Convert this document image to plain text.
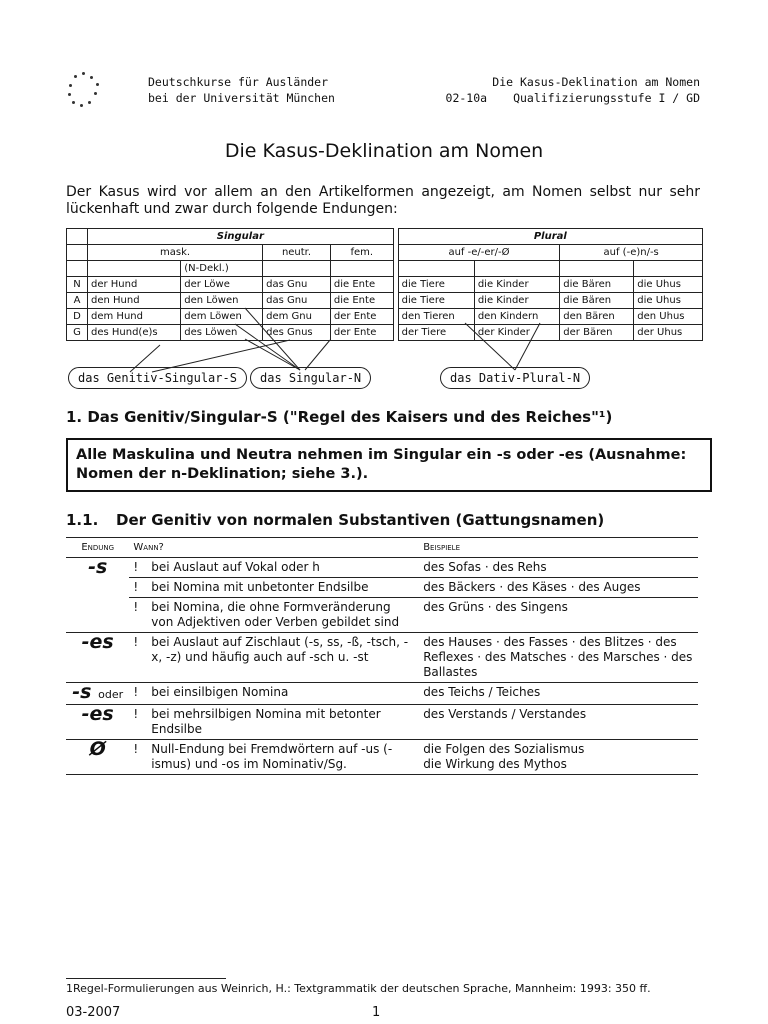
Deutschkurse für Ausländer
bei der Universität München
Die Kasus-Deklination am Nomen
02-10a Qualifizierungsstufe I / GD
Die Kasus-Deklination am Nomen
Der Kasus wird vor allem an den Artikelformen angezeigt, am Nomen selbst nur sehr lückenhaft und zwar durch folgende Endungen:
	Singular					Plural			
	mask.		neutr.	fem.		auf -e/-er/-Ø		auf (-e)n/-s	
		(N-Dekl.)							
N	der Hund	der Löwe	das Gnu	die Ente		die Tiere	die Kinder	die Bären	die Uhus
A	den Hund	den Löwen	das Gnu	die Ente		die Tiere	die Kinder	die Bären	die Uhus
D	dem Hund	dem Löwen	dem Gnu	der Ente		den Tieren	den Kindern	den Bären	den Uhus
G	des Hund(e)s	des Löwen	des Gnus	der Ente		der Tiere	der Kinder	der Bären	der Uhus
das Genitiv-Singular-S	das Singular-N	das Dativ-Plural-N
1. Das Genitiv/Singular-S ("Regel des Kaisers und des Reiches"¹)
Alle Maskulina und Neutra nehmen im Singular ein -s oder -es (Ausnahme: Nomen der n-Deklination; siehe 3.).
1.1. Der Genitiv von normalen Substantiven (Gattungsnamen)
Endung	Wann?		Beispiele
-s	!	bei Auslaut auf Vokal oder h	des Sofas · des Rehs
	!	bei Nomina mit unbetonter Endsilbe	des Bäckers · des Käses · des Auges
	!	bei Nomina, die ohne Formveränderung von Adjektiven oder Verben gebildet sind	des Grüns · des Singens
-es	!	bei Auslaut auf Zischlaut (-s, ss, -ß, -tsch, -x, -z) und häufig auch auf -sch u. -st	des Hauses · des Fasses · des Blitzes · des Reflexes · des Matsches · des Marsches · des Ballastes
-s oder	!	bei einsilbigen Nomina	des Teichs / Teiches
-es	!	bei mehrsilbigen Nomina mit betonter Endsilbe	des Verstands / Verstandes
Ø	!	Null-Endung bei Fremdwörtern auf -us (-ismus) und -os im Nominativ/Sg.	die Folgen des Sozialismus
die Wirkung des Mythos

1Regel-Formulierungen aus Weinrich, H.: Textgrammatik der deutschen Sprache, Mannheim: 1993: 350 ff.
03-2007	1
